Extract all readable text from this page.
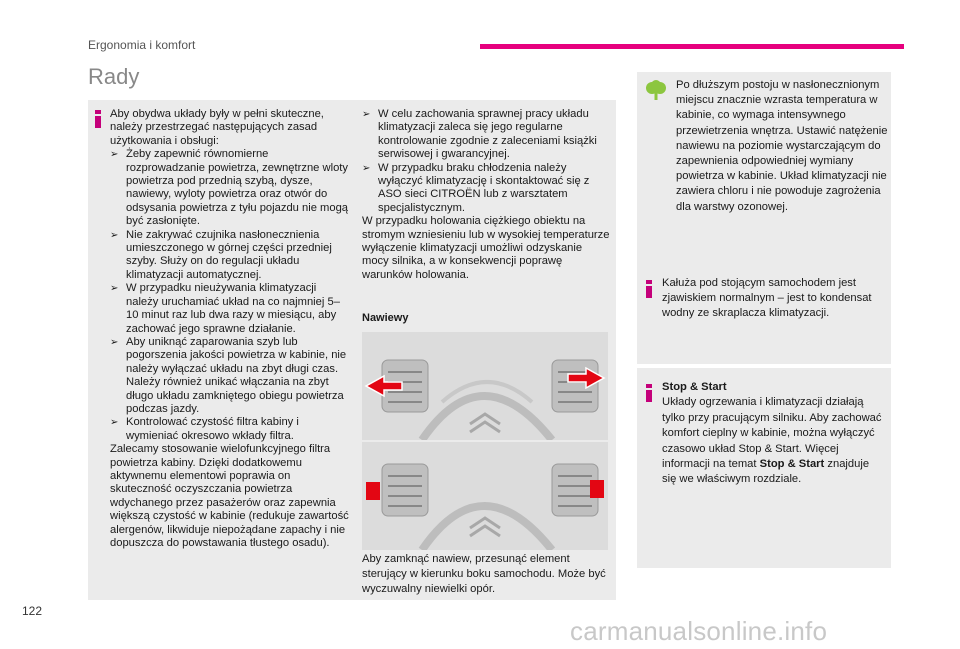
Ergonomia i komfort
Rady

Aby obydwa układy były w pełni skuteczne, należy przestrzegać następujących zasad użytkowania i obsługi:

➢ Żeby zapewnić równomierne rozprowadzanie powietrza, zewnętrzne wloty powietrza pod przednią szybą, dysze, nawiewy, wyloty powietrza oraz otwór do odsysania powietrza z tyłu pojazdu nie mogą być zasłonięte.

➢ Nie zakrywać czujnika nasłonecznienia umieszczonego w górnej części przedniej szyby. Służy on do regulacji układu klimatyzacji automatycznej.

➢ W przypadku nieużywania klimatyzacji należy uruchamiać układ na co najmniej 5–10 minut raz lub dwa razy w miesiącu, aby zachować jego sprawne działanie.

➢ Aby uniknąć zaparowania szyb lub pogorszenia jakości powietrza w kabinie, nie należy wyłączać układu na zbyt długi czas. Należy również unikać włączania na zbyt długo układu zamkniętego obiegu powietrza podczas jazdy.

➢ Kontrolować czystość filtra kabiny i wymieniać okresowo wkłady filtra.

Zalecamy stosowanie wielofunkcyjnego filtra powietrza kabiny. Dzięki dodatkowemu aktywnemu elementowi poprawia on skuteczność oczyszczania powietrza wdychanego przez pasażerów oraz zapewnia większą czystość w kabinie (redukuje zawartość alergenów, likwiduje niepożądane zapachy i nie dopuszcza do powstawania tłustego osadu).

➢ W celu zachowania sprawnej pracy układu klimatyzacji zaleca się jego regularne kontrolowanie zgodnie z zaleceniami książki serwisowej i gwarancyjnej.

➢ W przypadku braku chłodzenia należy wyłączyć klimatyzację i skontaktować się z ASO sieci CITROËN lub z warsztatem specjalistycznym.

W przypadku holowania ciężkiego obiektu na stromym wzniesieniu lub w wysokiej temperaturze wyłączenie klimatyzacji umożliwi odzyskanie mocy silnika, a w konsekwencji poprawę warunków holowania.

Nawiewy
Aby zamknąć nawiew, przesunąć element sterujący w kierunku boku samochodu. Może być wyczuwalny niewielki opór.
Po dłuższym postoju w nasłonecznionym miejscu znacznie wzrasta temperatura w kabinie, co wymaga intensywnego przewietrzenia wnętrza. Ustawić natężenie nawiewu na poziomie wystarczającym do zapewnienia odpowiedniej wymiany powietrza w kabinie. Układ klimatyzacji nie zawiera chloru i nie powoduje zagrożenia dla warstwy ozonowej.
Kałuża pod stojącym samochodem jest zjawiskiem normalnym – jest to kondensat wodny ze skraplacza klimatyzacji.
Stop & Start
Układy ogrzewania i klimatyzacji działają tylko przy pracującym silniku. Aby zachować komfort cieplny w kabinie, można wyłączyć czasowo układ Stop & Start. Więcej informacji na temat Stop & Start znajduje się we właściwym rozdziale.
122
carmanualsonline.info
